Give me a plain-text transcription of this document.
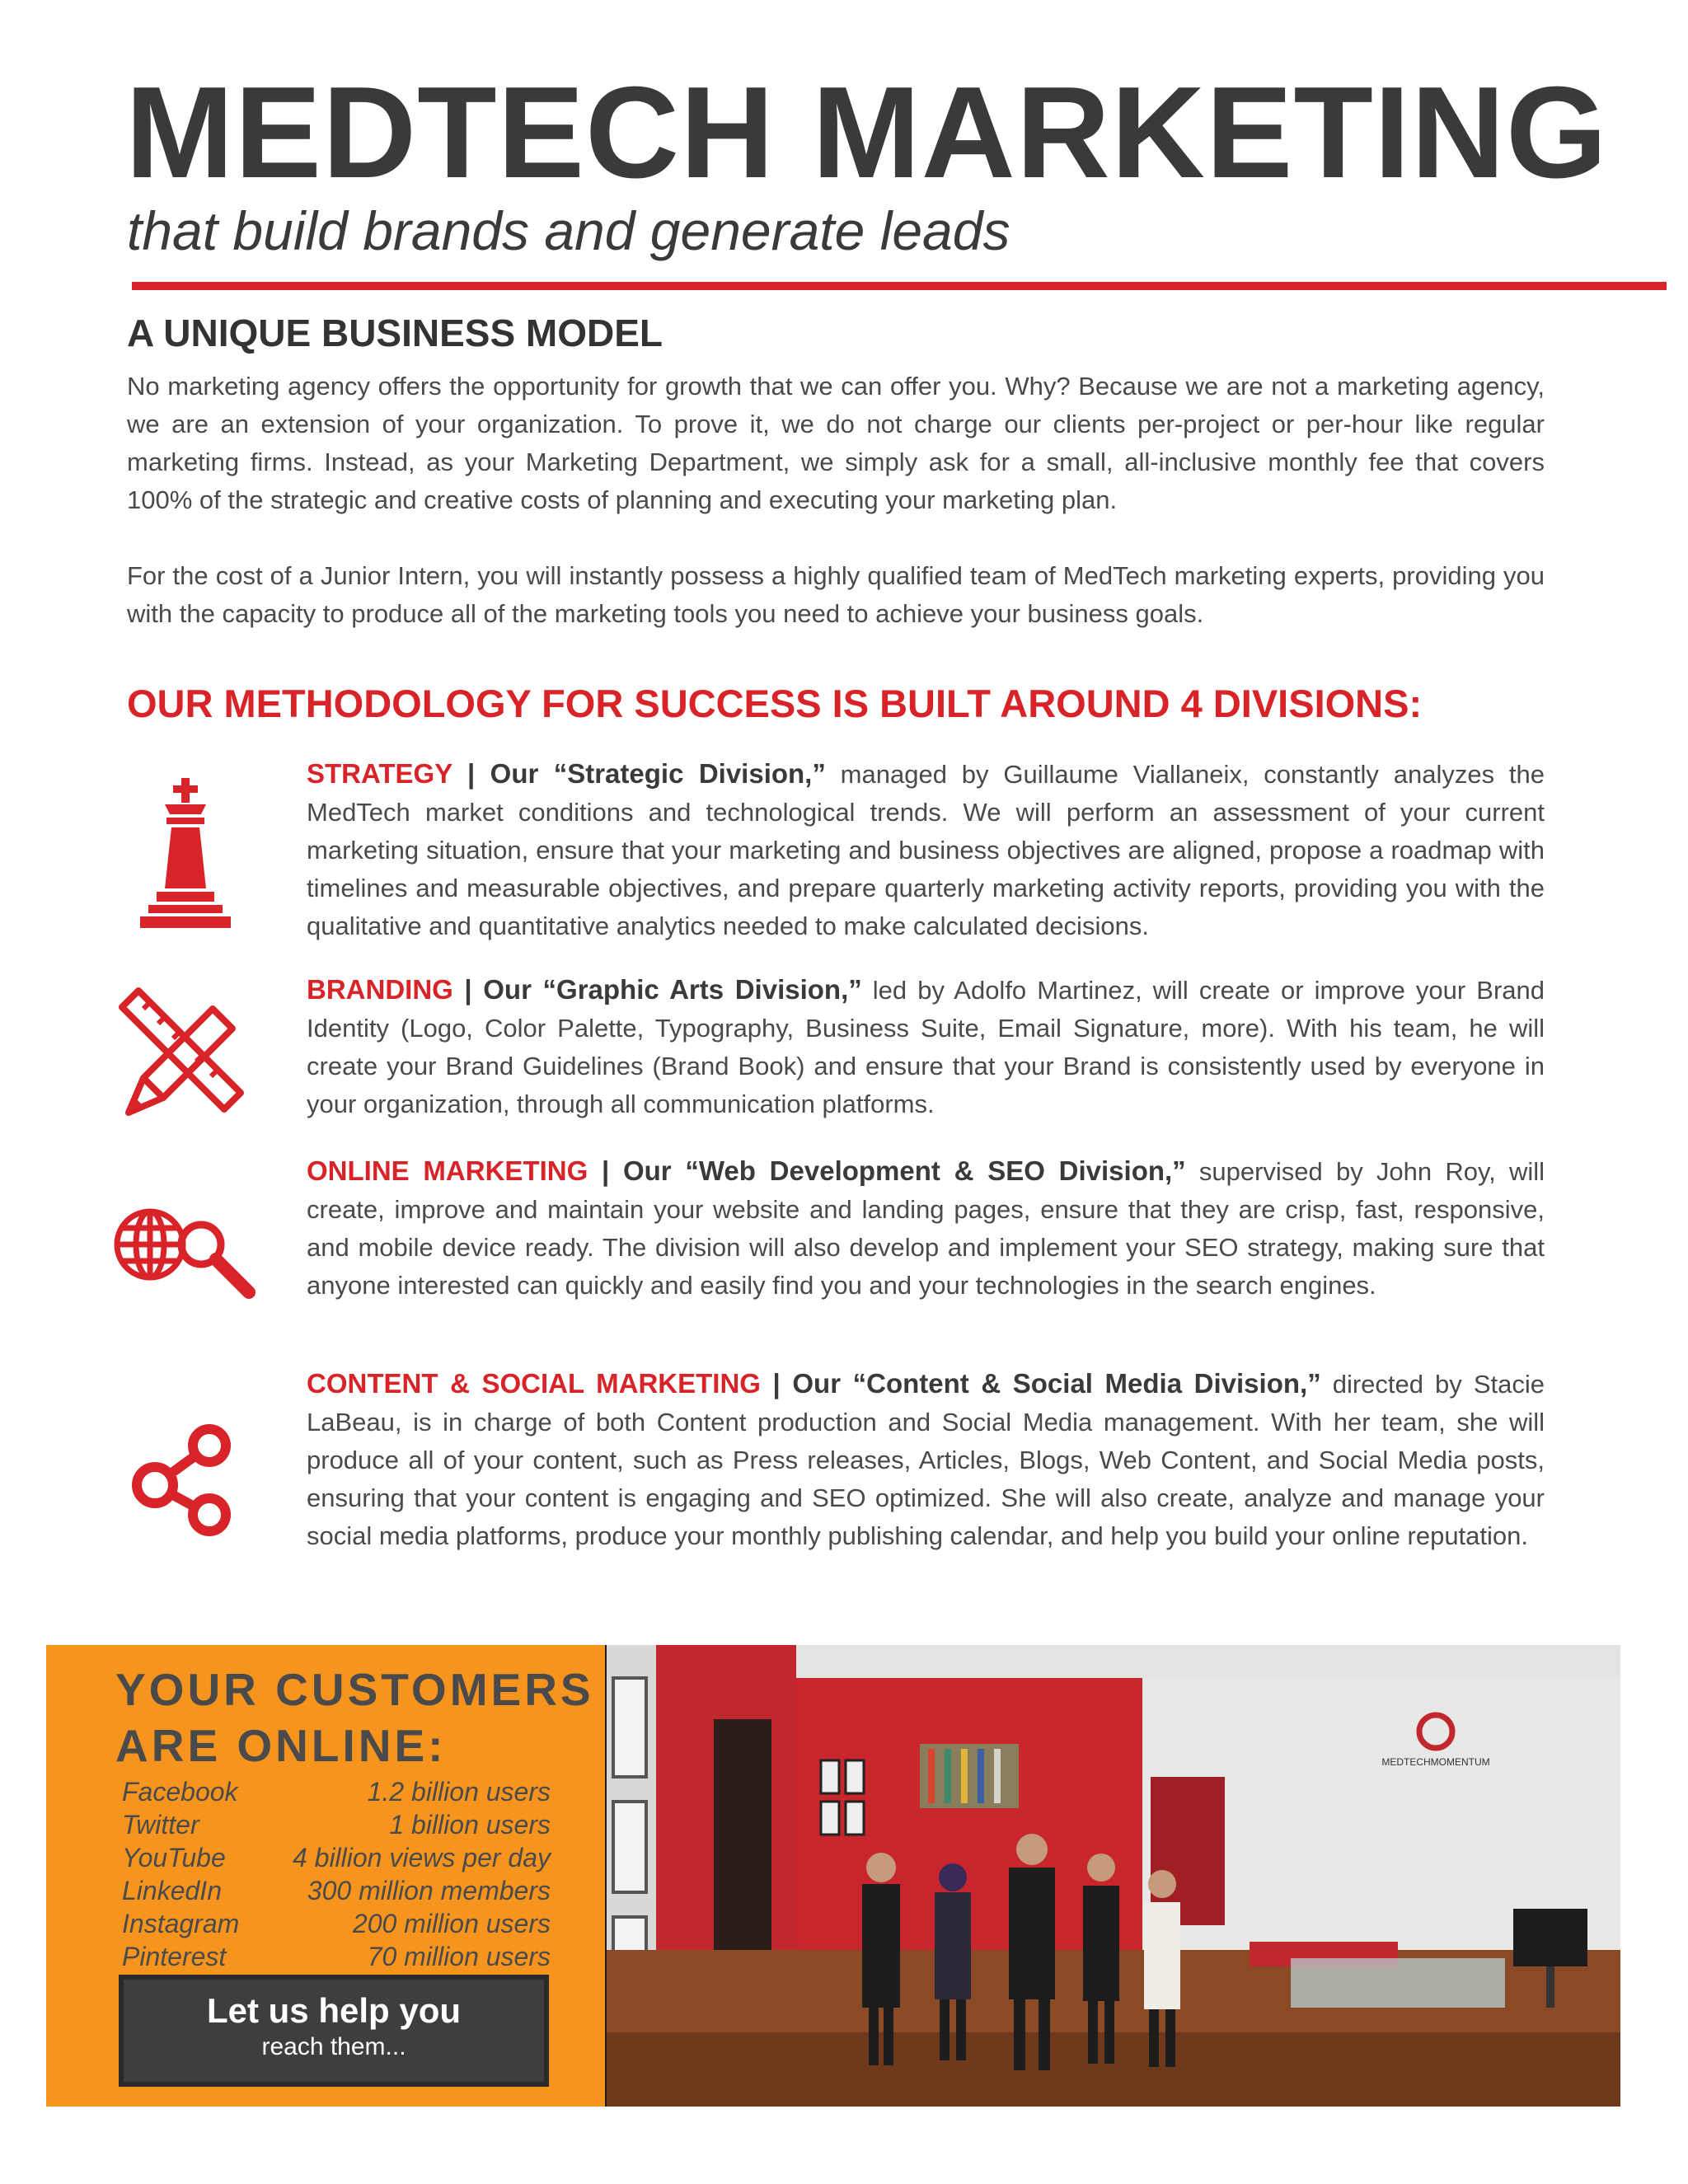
MEDTECH MARKETING
that build brands and generate leads
A UNIQUE BUSINESS MODEL

No marketing agency offers the opportunity for growth that we can offer you. Why? Because we are not a marketing agency, we are an extension of your organization. To prove it, we do not charge our clients per-project or per-hour like regular marketing firms. Instead, as your Marketing Department, we simply ask for a small, all-inclusive monthly fee that covers 100% of the strategic and creative costs of planning and executing your marketing plan.

For the cost of a Junior Intern, you will instantly possess a highly qualified team of MedTech marketing experts, providing you with the capacity to produce all of the marketing tools you need to achieve your business goals.

OUR METHODOLOGY FOR SUCCESS IS BUILT AROUND 4 DIVISIONS:

STRATEGY | Our “Strategic Division,” managed by Guillaume Viallaneix, constantly analyzes the MedTech market conditions and technological trends. We will perform an assessment of your current marketing situation, ensure that your marketing and business objectives are aligned, propose a roadmap with timelines and measurable objectives, and prepare quarterly marketing activity reports, providing you with the qualitative and quantitative analytics needed to make calculated decisions.

BRANDING | Our “Graphic Arts Division,” led by Adolfo Martinez, will create or improve your Brand Identity (Logo, Color Palette, Typography, Business Suite, Email Signature, more). With his team, he will create your Brand Guidelines (Brand Book) and ensure that your Brand is consistently used by everyone in your organization, through all communication platforms.

ONLINE MARKETING | Our “Web Development & SEO Division,” supervised by John Roy, will create, improve and maintain your website and landing pages, ensure that they are crisp, fast, responsive, and mobile device ready. The division will also develop and implement your SEO strategy, making sure that anyone interested can quickly and easily find you and your technologies in the search engines.

CONTENT & SOCIAL MARKETING | Our “Content & Social Media Division,” directed by Stacie LaBeau, is in charge of both Content production and Social Media management. With her team, she will produce all of your content, such as Press releases, Articles, Blogs, Web Content, and Social Media posts, ensuring that your content is engaging and SEO optimized. She will also create, analyze and manage your social media platforms, produce your monthly publishing calendar, and help you build your online reputation.

YOUR CUSTOMERS ARE ONLINE:
Facebook	1.2 billion users
Twitter	1 billion users
YouTube	4 billion views per day
LinkedIn	300 million members
Instagram	200 million users
Pinterest	70 million users
Let us help you
reach them...
MEDTECHMOMENTUM
